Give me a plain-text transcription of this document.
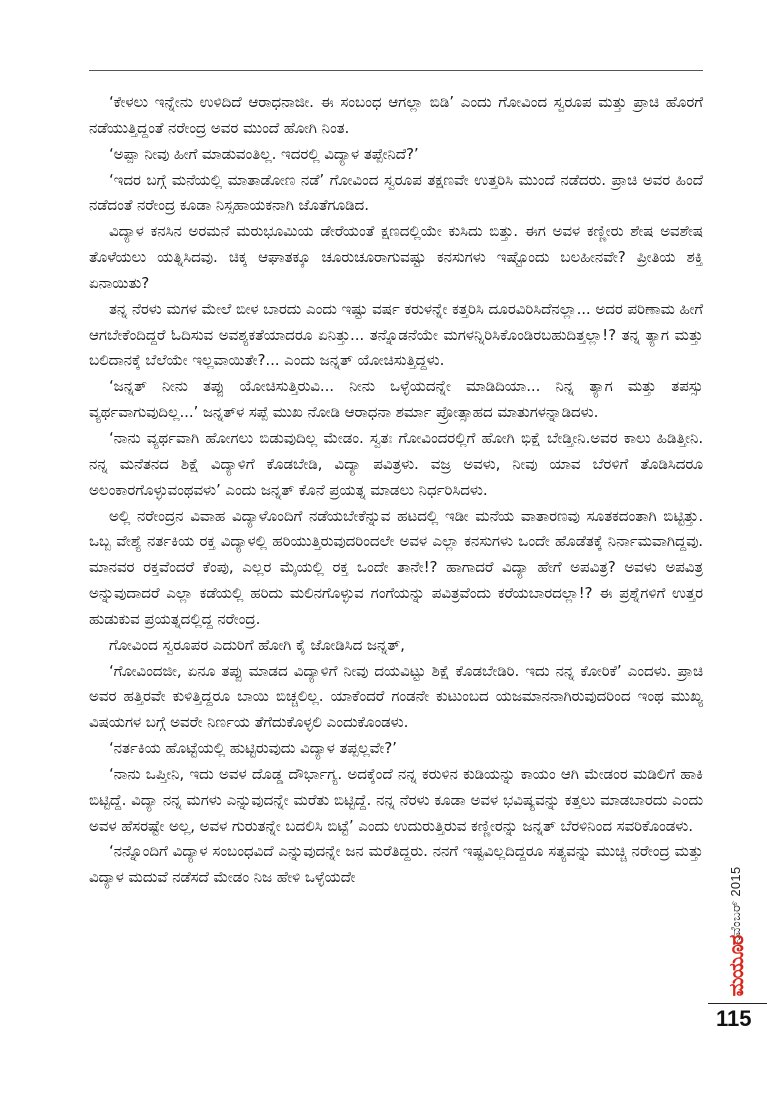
‘ಕೇಳಲು ಇನ್ನೇನು ಉಳಿದಿದೆ ಆರಾಧನಾಜೀ. ಈ ಸಂಬಂಧ ಆಗಲ್ಲಾ ಬಿಡಿ’ ಎಂದು ಗೋವಿಂದ ಸ್ವರೂಪ ಮತ್ತು ಪ್ರಾಚಿ ಹೊರಗೆ ನಡೆಯುತ್ತಿದ್ದಂತೆ ನರೇಂದ್ರ ಅವರ ಮುಂದೆ ಹೋಗಿ ನಿಂತ.

‘ಅಪ್ಪಾ ನೀವು ಹೀಗೆ ಮಾಡುವಂತಿಲ್ಲ. ಇದರಲ್ಲಿ ವಿದ್ಯಾಳ ತಪ್ಪೇನಿದೆ?’

‘ಇದರ ಬಗ್ಗೆ ಮನೆಯಲ್ಲಿ ಮಾತಾಡೋಣ ನಡೆ’ ಗೋವಿಂದ ಸ್ವರೂಪ ತಕ್ಷಣವೇ ಉತ್ತರಿಸಿ ಮುಂದೆ ನಡೆದರು. ಪ್ರಾಚಿ ಅವರ ಹಿಂದೆ ನಡೆದಂತೆ ನರೇಂದ್ರ ಕೂಡಾ ನಿಸ್ಸಹಾಯಕನಾಗಿ ಜೊತೆಗೂಡಿದ.

ವಿದ್ಯಾಳ ಕನಸಿನ ಅರಮನೆ ಮರುಭೂಮಿಯ ಡೇರೆಯಂತೆ ಕ್ಷಣದಲ್ಲಿಯೇ ಕುಸಿದು ಬಿತ್ತು. ಈಗ ಅವಳ ಕಣ್ಣೀರು ಶೇಷ ಅವಶೇಷ ತೊಳೆಯಲು ಯತ್ನಿಸಿದವು. ಚಿಕ್ಕ ಆಘಾತಕ್ಕೂ ಚೂರುಚೂರಾಗುವಷ್ಟು ಕನಸುಗಳು ಇಷ್ಟೊಂದು ಬಲಹೀನವೇ? ಪ್ರೀತಿಯ ಶಕ್ತಿ ಏನಾಯಿತು?

ತನ್ನ ನೆರಳು ಮಗಳ ಮೇಲೆ ಬೀಳ ಬಾರದು ಎಂದು ಇಷ್ಟು ವರ್ಷ ಕರುಳನ್ನೇ ಕತ್ತರಿಸಿ ದೂರವಿರಿಸಿದೆನಲ್ಲಾ... ಅದರ ಪರಿಣಾಮ ಹೀಗೆ ಆಗಬೇಕೆಂದಿದ್ದರೆ ಓದಿಸುವ ಅವಶ್ಯಕತೆಯಾದರೂ ಏನಿತ್ತು... ತನ್ನೊಡನೆಯೇ ಮಗಳನ್ನಿರಿಸಿಕೊಂಡಿರಬಹುದಿತ್ತಲ್ಲಾ!? ತನ್ನ ತ್ಯಾಗ ಮತ್ತು ಬಲಿದಾನಕ್ಕೆ ಬೆಲೆಯೇ ಇಲ್ಲವಾಯಿತೇ?... ಎಂದು ಜನ್ನತ್ ಯೋಚಿಸುತ್ತಿದ್ದಳು.

‘ಜನ್ನತ್ ನೀನು ತಪ್ಪು ಯೋಚಿಸುತ್ತಿರುವಿ... ನೀನು ಒಳ್ಳೆಯದನ್ನೇ ಮಾಡಿದಿಯಾ... ನಿನ್ನ ತ್ಯಾಗ ಮತ್ತು ತಪಸ್ಸು ವ್ಯರ್ಥವಾಗುವುದಿಲ್ಲ...’ ಜನ್ನತ್‌ಳ ಸಪ್ಪೆ ಮುಖ ನೋಡಿ ಆರಾಧನಾ ಶರ್ಮಾ ಪ್ರೋತ್ಸಾಹದ ಮಾತುಗಳನ್ನಾಡಿದಳು.

‘ನಾನು ವ್ಯರ್ಥವಾಗಿ ಹೋಗಲು ಬಿಡುವುದಿಲ್ಲ ಮೇಡಂ. ಸ್ವತಃ ಗೋವಿಂದರಲ್ಲಿಗೆ ಹೋಗಿ ಭಿಕ್ಷೆ ಬೇಡ್ತೀನಿ.ಅವರ ಕಾಲು ಹಿಡಿತ್ತೀನಿ. ನನ್ನ ಮನೆತನದ ಶಿಕ್ಷೆ ವಿದ್ಯಾಳಿಗೆ ಕೊಡಬೇಡಿ, ವಿದ್ಯಾ ಪವಿತ್ರಳು. ವಜ್ರ ಅವಳು, ನೀವು ಯಾವ ಬೆರಳಿಗೆ ತೊಡಿಸಿದರೂ ಅಲಂಕಾರಗೊಳ್ಳುವಂಥವಳು’ ಎಂದು ಜನ್ನತ್ ಕೊನೆ ಪ್ರಯತ್ನ ಮಾಡಲು ನಿರ್ಧರಿಸಿದಳು.

ಅಲ್ಲಿ ನರೇಂದ್ರನ ವಿವಾಹ ವಿದ್ಯಾಳೊಂದಿಗೆ ನಡೆಯಬೇಕೆನ್ನುವ ಹಟದಲ್ಲಿ ಇಡೀ ಮನೆಯ ವಾತಾರಣವು ಸೂತಕದಂತಾಗಿ ಬಿಟ್ಟಿತ್ತು. ಒಬ್ಬ ವೇಶ್ಯೆ ನರ್ತಕಿಯ ರಕ್ತ ವಿದ್ಯಾಳಲ್ಲಿ ಹರಿಯುತ್ತಿರುವುದರಿಂದಲೇ ಅವಳ ಎಲ್ಲಾ ಕನಸುಗಳು ಒಂದೇ ಹೊಡೆತಕ್ಕೆ ನಿರ್ನಾಮವಾಗಿದ್ದವು. ಮಾನವರ ರಕ್ತವೆಂದರೆ ಕೆಂಪು, ಎಲ್ಲರ ಮೈಯಲ್ಲಿ ರಕ್ತ ಒಂದೇ ತಾನೇ!? ಹಾಗಾದರೆ ವಿದ್ಯಾ ಹೇಗೆ ಅಪವಿತ್ರ? ಅವಳು ಅಪವಿತ್ರ ಅನ್ನುವುದಾದರೆ ಎಲ್ಲಾ ಕಡೆಯಲ್ಲಿ ಹರಿದು ಮಲಿನಗೊಳ್ಳುವ ಗಂಗೆಯನ್ನು ಪವಿತ್ರವೆಂದು ಕರೆಯಬಾರದಲ್ಲಾ!? ಈ ಪ್ರಶ್ನೆಗಳಿಗೆ ಉತ್ತರ ಹುಡುಕುವ ಪ್ರಯತ್ನದಲ್ಲಿದ್ದ ನರೇಂದ್ರ.

ಗೋವಿಂದ ಸ್ವರೂಪರ ಎದುರಿಗೆ ಹೋಗಿ ಕೈ ಜೋಡಿಸಿದ ಜನ್ನತ್,

‘ಗೋವಿಂದಜೀ, ಏನೂ ತಪ್ಪು ಮಾಡದ ವಿದ್ಯಾಳಿಗೆ ನೀವು ದಯವಿಟ್ಟು ಶಿಕ್ಷೆ ಕೊಡಬೇಡಿರಿ. ಇದು ನನ್ನ ಕೋರಿಕೆ’ ಎಂದಳು. ಪ್ರಾಚಿ ಅವರ ಹತ್ತಿರವೇ ಕುಳಿತ್ತಿದ್ದರೂ ಬಾಯಿ ಬಿಚ್ಚಲಿಲ್ಲ. ಯಾಕೆಂದರೆ ಗಂಡನೇ ಕುಟುಂಬದ ಯಜಮಾನನಾಗಿರುವುದರಿಂದ ಇಂಥ ಮುಖ್ಯ ವಿಷಯಗಳ ಬಗ್ಗೆ ಅವರೇ ನಿರ್ಣಯ ತೆಗೆದುಕೊಳ್ಳಲಿ ಎಂದುಕೊಂಡಳು.

‘ನರ್ತಕಿಯ ಹೊಟ್ಟೆಯಲ್ಲಿ ಹುಟ್ಟಿರುವುದು ವಿದ್ಯಾಳ ತಪ್ಪಲ್ಲವೇ?’

‘ನಾನು ಒಪ್ತೀನಿ, ಇದು ಅವಳ ದೊಡ್ಡ ದೌರ್ಭಾಗ್ಯ. ಅದಕ್ಕೆಂದೆ ನನ್ನ ಕರುಳಿನ ಕುಡಿಯನ್ನು ಕಾಯಂ ಆಗಿ ಮೇಡಂರ ಮಡಿಲಿಗೆ ಹಾಕಿ ಬಿಟ್ಟಿದ್ದೆ. ವಿದ್ಯಾ ನನ್ನ ಮಗಳು ಎನ್ನುವುದನ್ನೇ ಮರೆತು ಬಿಟ್ಟಿದ್ದೆ. ನನ್ನ ನೆರಳು ಕೂಡಾ ಅವಳ ಭವಿಷ್ಯವನ್ನು ಕತ್ತಲು ಮಾಡಬಾರದು ಎಂದು ಅವಳ ಹೆಸರಷ್ಟೇ ಅಲ್ಲ, ಅವಳ ಗುರುತನ್ನೇ ಬದಲಿಸಿ ಬಿಟ್ಟೆ’ ಎಂದು ಉದುರುತ್ತಿರುವ ಕಣ್ಣೀರನ್ನು ಜನ್ನತ್ ಬೆರಳಿನಿಂದ ಸವರಿಕೊಂಡಳು.

‘ನನ್ನೊಂದಿಗೆ ವಿದ್ಯಾಳ ಸಂಬಂಧವಿದೆ ಎನ್ನುವುದನ್ನೇ ಜನ ಮರೆತಿದ್ದರು. ನನಗೆ ಇಷ್ಟವಿಲ್ಲದಿದ್ದರೂ ಸತ್ಯವನ್ನು ಮುಚ್ಚಿ ನರೇಂದ್ರ ಮತ್ತು ವಿದ್ಯಾಳ ಮದುವೆ ನಡೆಸದೆ ಮೇಡಂ ನಿಜ ಹೇಳಿ ಒಳ್ಳೆಯದೇ	ನವೆಂಬರ್ 2015
ಮಯೂರ
115
